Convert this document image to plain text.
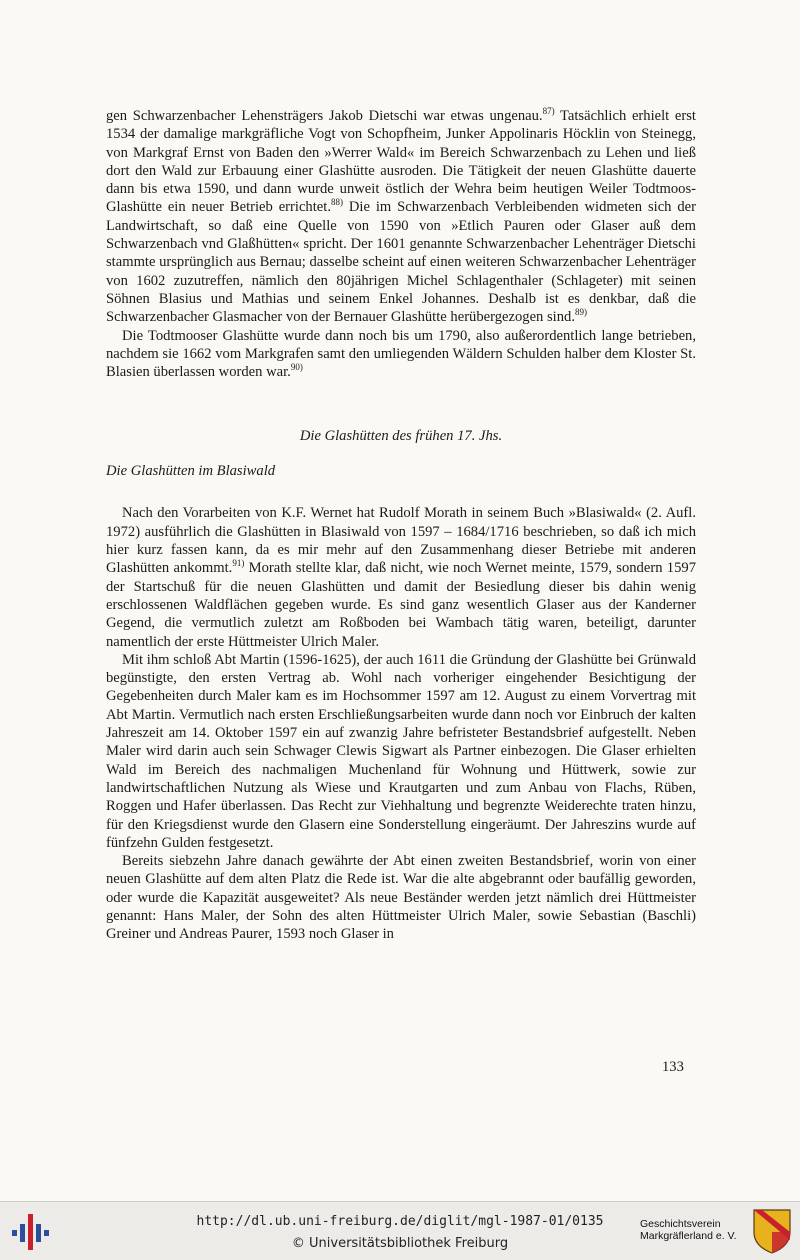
gen Schwarzenbacher Lehensträgers Jakob Dietschi war etwas ungenau.$^{87)}$ Tatsächlich erhielt erst 1534 der damalige markgräfliche Vogt von Schopfheim, Junker Appolinaris Höcklin von Steinegg, von Markgraf Ernst von Baden den »Werrer Wald« im Bereich Schwarzenbach zu Lehen und ließ dort den Wald zur Erbauung einer Glashütte ausroden. Die Tätigkeit der neuen Glashütte dauerte dann bis etwa 1590, und dann wurde unweit östlich der Wehra beim heutigen Weiler Todtmoos-Glashütte ein neuer Betrieb errichtet.$^{88)}$ Die im Schwarzenbach Verbleibenden widmeten sich der Landwirtschaft, so daß eine Quelle von 1590 von »Etlich Pauren oder Glaser auß dem Schwarzenbach vnd Glaßhütten« spricht. Der 1601 genannte Schwarzenbacher Lehenträger Dietschi stammte ursprünglich aus Bernau; dasselbe scheint auf einen weiteren Schwarzenbacher Lehenträger von 1602 zuzutreffen, nämlich den 80jährigen Michel Schlagenthaler (Schlageter) mit seinen Söhnen Blasius und Mathias und seinem Enkel Johannes. Deshalb ist es denkbar, daß die Schwarzenbacher Glasmacher von der Bernauer Glashütte herübergezogen sind.$^{89)}$

Die Todtmooser Glashütte wurde dann noch bis um 1790, also außerordentlich lange betrieben, nachdem sie 1662 vom Markgrafen samt den umliegenden Wäldern Schulden halber dem Kloster St. Blasien überlassen worden war.$^{90)}$

Die Glashütten des frühen 17. Jhs.
Die Glashütten im Blasiwald

Nach den Vorarbeiten von K.F. Wernet hat Rudolf Morath in seinem Buch »Blasiwald« (2. Aufl. 1972) ausführlich die Glashütten in Blasiwald von 1597 – 1684/1716 beschrieben, so daß ich mich hier kurz fassen kann, da es mir mehr auf den Zusammenhang dieser Betriebe mit anderen Glashütten ankommt.$^{91)}$ Morath stellte klar, daß nicht, wie noch Wernet meinte, 1579, sondern 1597 der Startschuß für die neuen Glashütten und damit der Besiedlung dieser bis dahin wenig erschlossenen Waldflächen gegeben wurde. Es sind ganz wesentlich Glaser aus der Kanderner Gegend, die vermutlich zuletzt am Roßboden bei Wambach tätig waren, beteiligt, darunter namentlich der erste Hüttmeister Ulrich Maler.

Mit ihm schloß Abt Martin (1596-1625), der auch 1611 die Gründung der Glashütte bei Grünwald begünstigte, den ersten Vertrag ab. Wohl nach vorheriger eingehender Besichtigung der Gegebenheiten durch Maler kam es im Hochsommer 1597 am 12. August zu einem Vorvertrag mit Abt Martin. Vermutlich nach ersten Erschließungsarbeiten wurde dann noch vor Einbruch der kalten Jahreszeit am 14. Oktober 1597 ein auf zwanzig Jahre befristeter Bestandsbrief aufgestellt. Neben Maler wird darin auch sein Schwager Clewis Sigwart als Partner einbezogen. Die Glaser erhielten Wald im Bereich des nachmaligen Muchenland für Wohnung und Hüttwerk, sowie zur landwirtschaftlichen Nutzung als Wiese und Krautgarten und zum Anbau von Flachs, Rüben, Roggen und Hafer überlassen. Das Recht zur Viehhaltung und begrenzte Weiderechte traten hinzu, für den Kriegsdienst wurde den Glasern eine Sonderstellung eingeräumt. Der Jahreszins wurde auf fünfzehn Gulden festgesetzt.

Bereits siebzehn Jahre danach gewährte der Abt einen zweiten Bestandsbrief, worin von einer neuen Glashütte auf dem alten Platz die Rede ist. War die alte abgebrannt oder baufällig geworden, oder wurde die Kapazität ausgeweitet? Als neue Beständer werden jetzt nämlich drei Hüttmeister genannt: Hans Maler, der Sohn des alten Hüttmeister Ulrich Maler, sowie Sebastian (Baschli) Greiner und Andreas Paurer, 1593 noch Glaser in

133
http://dl.ub.uni-freiburg.de/diglit/mgl-1987-01/0135
© Universitätsbibliothek Freiburg
Geschichtsverein
Markgräflerland e. V.
